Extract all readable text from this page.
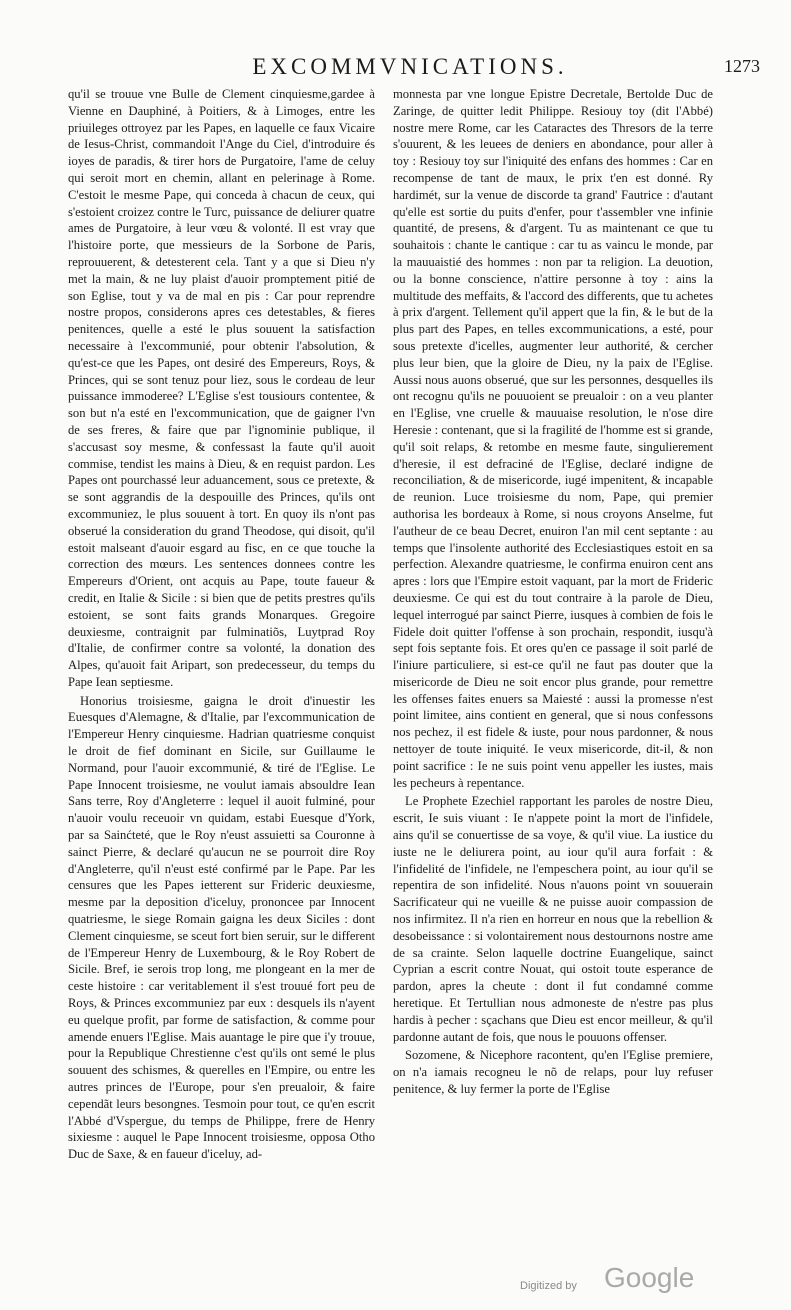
EXCOMMVNICATIONS.	1273

qu'il se trouue vne Bulle de Clement cinquiesme,gardee à Vienne en Dauphiné, à Poitiers, & à Limoges, entre les priuileges ottroyez par les Papes, en laquelle ce faux Vicaire de Iesus-Christ, commandoit l'Ange du Ciel, d'introduire és ioyes de paradis, & tirer hors de Purgatoire, l'ame de celuy qui seroit mort en chemin, allant en pelerinage à Rome. C'estoit le mesme Pape, qui conceda à chacun de ceux, qui s'estoient croizez contre le Turc, puissance de deliurer quatre ames de Purgatoire, à leur vœu & volonté. Il est vray que l'histoire porte, que messieurs de la Sorbone de Paris, reprouuerent, & detesterent cela. Tant y a que si Dieu n'y met la main, & ne luy plaist d'auoir promptement pitié de son Eglise, tout y va de mal en pis : Car pour reprendre nostre propos, considerons apres ces detestables, & fieres penitences, quelle a esté le plus souuent la satisfaction necessaire à l'excommunié, pour obtenir l'absolution, & qu'est-ce que les Papes, ont desiré des Empereurs, Roys, & Princes, qui se sont tenuz pour liez, sous le cordeau de leur puissance immoderee? L'Eglise s'est tousiours contentee, & son but n'a esté en l'excommunication, que de gaigner l'vn de ses freres, & faire que par l'ignominie publique, il s'accusast soy mesme, & confessast la faute qu'il auoit commise, tendist les mains à Dieu, & en requist pardon. Les Papes ont pourchassé leur aduancement, sous ce pretexte, & se sont aggrandis de la despouille des Princes, qu'ils ont excommuniez, le plus souuent à tort. En quoy ils n'ont pas obserué la consideration du grand Theodose, qui disoit, qu'il estoit malseant d'auoir esgard au fisc, en ce que touche la correction des mœurs. Les sentences donnees contre les Empereurs d'Orient, ont acquis au Pape, toute faueur & credit, en Italie & Sicile : si bien que de petits prestres qu'ils estoient, se sont faits grands Monarques. Gregoire deuxiesme, contraignit par fulminatiõs, Luytprad Roy d'Italie, de confirmer contre sa volonté, la donation des Alpes, qu'auoit fait Aripart, son predecesseur, du temps du Pape Iean septiesme.

Honorius troisiesme, gaigna le droit d'inuestir les Euesques d'Alemagne, & d'Italie, par l'excommunication de l'Empereur Henry cinquiesme. Hadrian quatriesme conquist le droit de fief dominant en Sicile, sur Guillaume le Normand, pour l'auoir excommunié, & tiré de l'Eglise. Le Pape Innocent troisiesme, ne voulut iamais absouldre Iean Sans terre, Roy d'Angleterre : lequel il auoit fulminé, pour n'auoir voulu receuoir vn quidam, estabi Euesque d'York, par sa Sainćteté, que le Roy n'eust assuietti sa Couronne à sainct Pierre, & declaré qu'aucun ne se pourroit dire Roy d'Angleterre, qu'il n'eust esté confirmé par le Pape. Par les censures que les Papes ietterent sur Frideric deuxiesme, mesme par la deposition d'iceluy, prononcee par Innocent quatriesme, le siege Romain gaigna les deux Siciles : dont Clement cinquiesme, se sceut fort bien seruir, sur le different de l'Empereur Henry de Luxembourg, & le Roy Robert de Sicile. Bref, ie serois trop long, me plongeant en la mer de ceste histoire : car veritablement il s'est trouué fort peu de Roys, & Princes excommuniez par eux : desquels ils n'ayent eu quelque profit, par forme de satisfaction, & comme pour amende enuers l'Eglise. Mais auantage le pire que i'y trouue, pour la Republique Chrestienne c'est qu'ils ont semé le plus souuent des schismes, & querelles en l'Empire, ou entre les autres princes de l'Europe, pour s'en preualoir, & faire cependãt leurs besongnes. Tesmoin pour tout, ce qu'en escrit l'Abbé d'Vspergue, du temps de Philippe, frere de Henry sixiesme : auquel le Pape Innocent troisiesme, opposa Otho Duc de Saxe, & en faueur d'iceluy, ad-

monnesta par vne longue Epistre Decretale, Bertolde Duc de Zaringe, de quitter ledit Philippe. Resiouy toy (dit l'Abbé) nostre mere Rome, car les Cataractes des Thresors de la terre s'ouurent, & les leuees de deniers en abondance, pour aller à toy : Resiouy toy sur l'iniquité des enfans des hommes : Car en recompense de tant de maux, le prix t'en est donné. Ry hardimét, sur la venue de discorde ta grand' Fautrice : d'autant qu'elle est sortie du puits d'enfer, pour t'assembler vne infinie quantité, de presens, & d'argent. Tu as maintenant ce que tu souhaitois : chante le cantique : car tu as vaincu le monde, par la mauuaistié des hommes : non par ta religion. La deuotion, ou la bonne conscience, n'attire personne à toy : ains la multitude des meffaits, & l'accord des differents, que tu achetes à prix d'argent. Tellement qu'il appert que la fin, & le but de la plus part des Papes, en telles excommunications, a esté, pour sous pretexte d'icelles, augmenter leur authorité, & cercher plus leur bien, que la gloire de Dieu, ny la paix de l'Eglise. Aussi nous auons obserué, que sur les personnes, desquelles ils ont recognu qu'ils ne pouuoient se preualoir : on a veu planter en l'Eglise, vne cruelle & mauuaise resolution, le n'ose dire Heresie : contenant, que si la fragilité de l'homme est si grande, qu'il soit relaps, & retombe en mesme faute, singulierement d'heresie, il est defraciné de l'Eglise, declaré indigne de reconciliation, & de misericorde, iugé impenitent, & incapable de reunion. Luce troisiesme du nom, Pape, qui premier authorisa les bordeaux à Rome, si nous croyons Anselme, fut l'autheur de ce beau Decret, enuiron l'an mil cent septante : au temps que l'insolente authorité des Ecclesiastiques estoit en sa perfection. Alexandre quatriesme, le confirma enuiron cent ans apres : lors que l'Empire estoit vaquant, par la mort de Frideric deuxiesme. Ce qui est du tout contraire à la parole de Dieu, lequel interrogué par sainct Pierre, iusques à combien de fois le Fidele doit quitter l'offense à son prochain, respondit, iusqu'à sept fois septante fois. Et ores qu'en ce passage il soit parlé de l'iniure particuliere, si est-ce qu'il ne faut pas douter que la misericorde de Dieu ne soit encor plus grande, pour remettre les offenses faites enuers sa Maiesté : aussi la promesse n'est point limitee, ains contient en general, que si nous confessons nos pechez, il est fidele & iuste, pour nous pardonner, & nous nettoyer de toute iniquité. Ie veux misericorde, dit-il, & non point sacrifice : Ie ne suis point venu appeller les iustes, mais les pecheurs à repentance.

Le Prophete Ezechiel rapportant les paroles de nostre Dieu, escrit, Ie suis viuant : Ie n'appete point la mort de l'infidele, ains qu'il se conuertisse de sa voye, & qu'il viue. La iustice du iuste ne le deliurera point, au iour qu'il aura forfait : & l'infidelité de l'infidele, ne l'empeschera point, au iour qu'il se repentira de son infidelité. Nous n'auons point vn souuerain Sacrificateur qui ne vueille & ne puisse auoir compassion de nos infirmitez. Il n'a rien en horreur en nous que la rebellion & desobeissance : si volontairement nous destournons nostre ame de sa crainte. Selon laquelle doctrine Euangelique, sainct Cyprian a escrit contre Nouat, qui ostoit toute esperance de pardon, apres la cheute : dont il fut condamné comme heretique. Et Tertullian nous admoneste de n'estre pas plus hardis à pecher : sçachans que Dieu est encor meilleur, & qu'il pardonne autant de fois, que nous le pouuons offenser.

Sozomene, & Nicephore racontent, qu'en l'Eglise premiere, on n'a iamais recogneu le nõ de relaps, pour luy refuser penitence, & luy fermer la porte de l'Eglise

Digitized by Google
